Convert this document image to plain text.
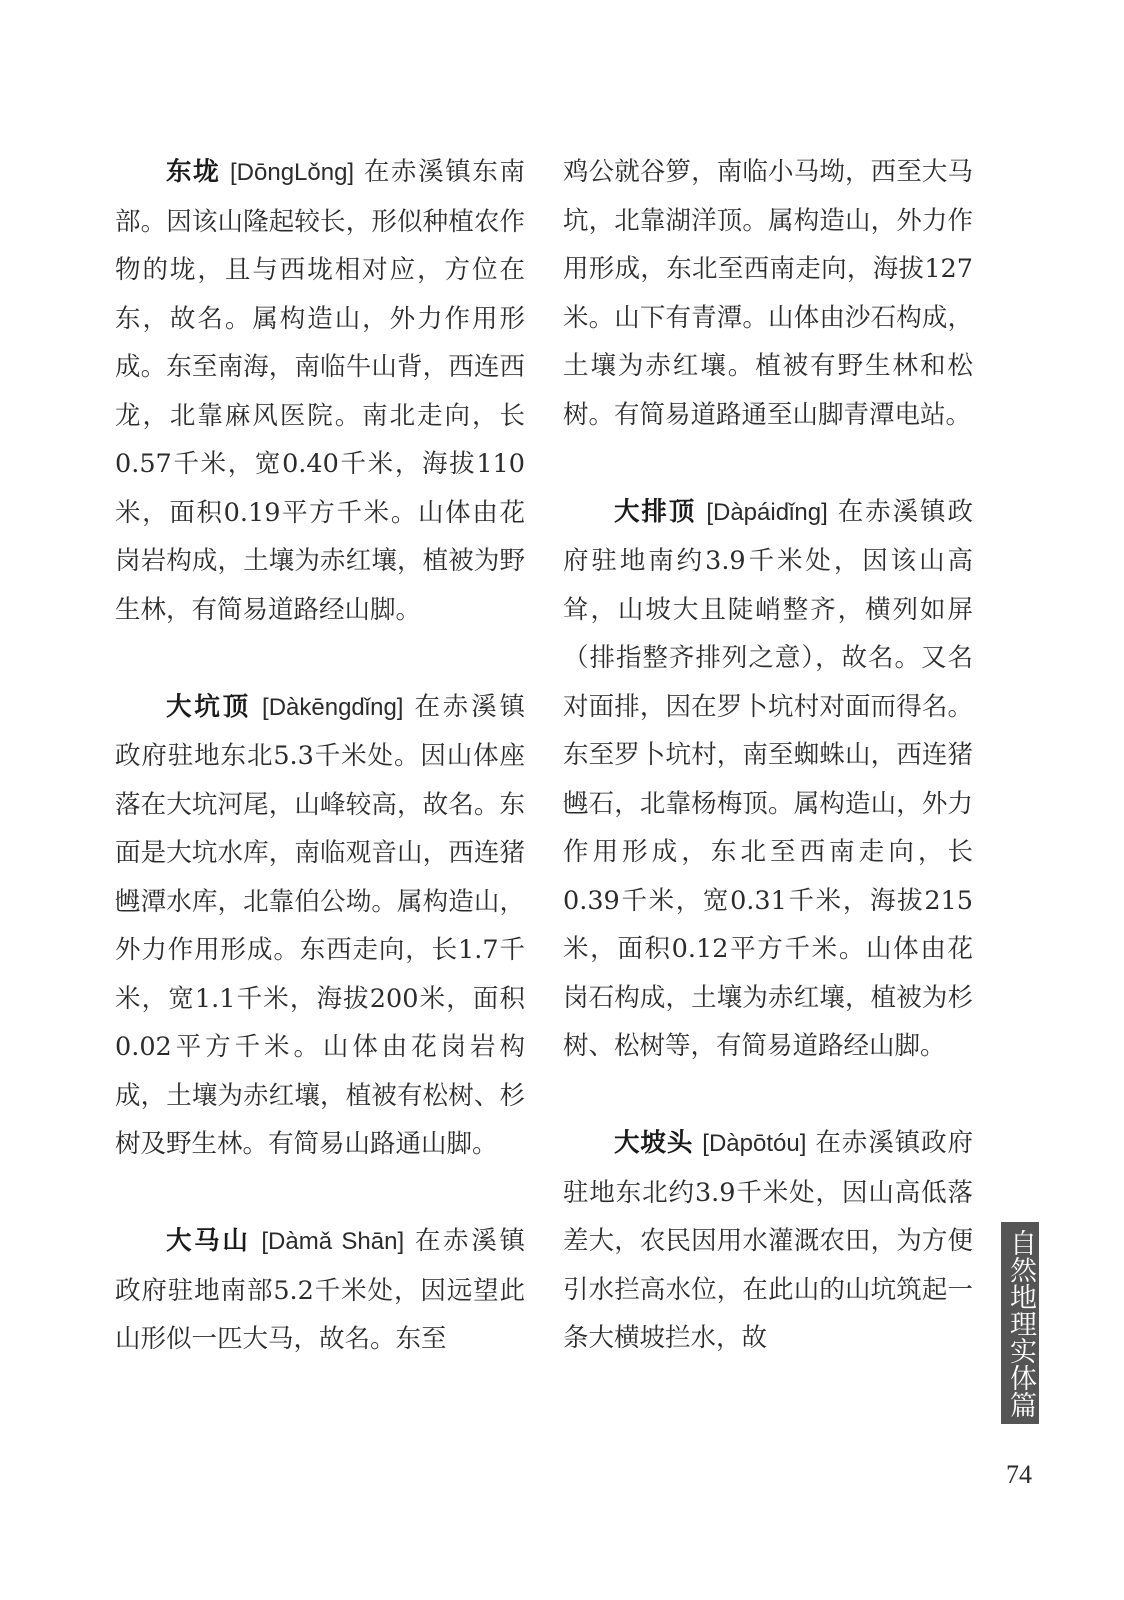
东垅 [DōngLǒng] 在赤溪镇东南部。因该山隆起较长，形似种植农作物的垅，且与西垅相对应，方位在东，故名。属构造山，外力作用形成。东至南海，南临牛山背，西连西龙，北靠麻风医院。南北走向，长0.57千米，宽0.40千米，海拔110米，面积0.19平方千米。山体由花岗岩构成，土壤为赤红壤，植被为野生林，有简易道路经山脚。

大坑顶 [Dàkēngdǐng] 在赤溪镇政府驻地东北5.3千米处。因山体座落在大坑河尾，山峰较高，故名。东面是大坑水库，南临观音山，西连猪乸潭水库，北靠伯公坳。属构造山，外力作用形成。东西走向，长1.7千米，宽1.1千米，海拔200米，面积0.02平方千米。山体由花岗岩构成，土壤为赤红壤，植被有松树、杉树及野生林。有简易山路通山脚。

大马山 [Dàmǎ Shān] 在赤溪镇政府驻地南部5.2千米处，因远望此山形似一匹大马，故名。东至

鸡公就谷箩，南临小马坳，西至大马坑，北靠湖洋顶。属构造山，外力作用形成，东北至西南走向，海拔127米。山下有青潭。山体由沙石构成，土壤为赤红壤。植被有野生林和松树。有简易道路通至山脚青潭电站。

大排顶 [Dàpáidǐng] 在赤溪镇政府驻地南约3.9千米处，因该山高耸，山坡大且陡峭整齐，横列如屏（排指整齐排列之意），故名。又名对面排，因在罗卜坑村对面而得名。东至罗卜坑村，南至蜘蛛山，西连猪乸石，北靠杨梅顶。属构造山，外力作用形成，东北至西南走向，长0.39千米，宽0.31千米，海拔215米，面积0.12平方千米。山体由花岗石构成，土壤为赤红壤，植被为杉树、松树等，有简易道路经山脚。

大坡头 [Dàpōtóu] 在赤溪镇政府驻地东北约3.9千米处，因山高低落差大，农民因用水灌溉农田，为方便引水拦高水位，在此山的山坑筑起一条大横坡拦水，故	自然地理实体篇
74
